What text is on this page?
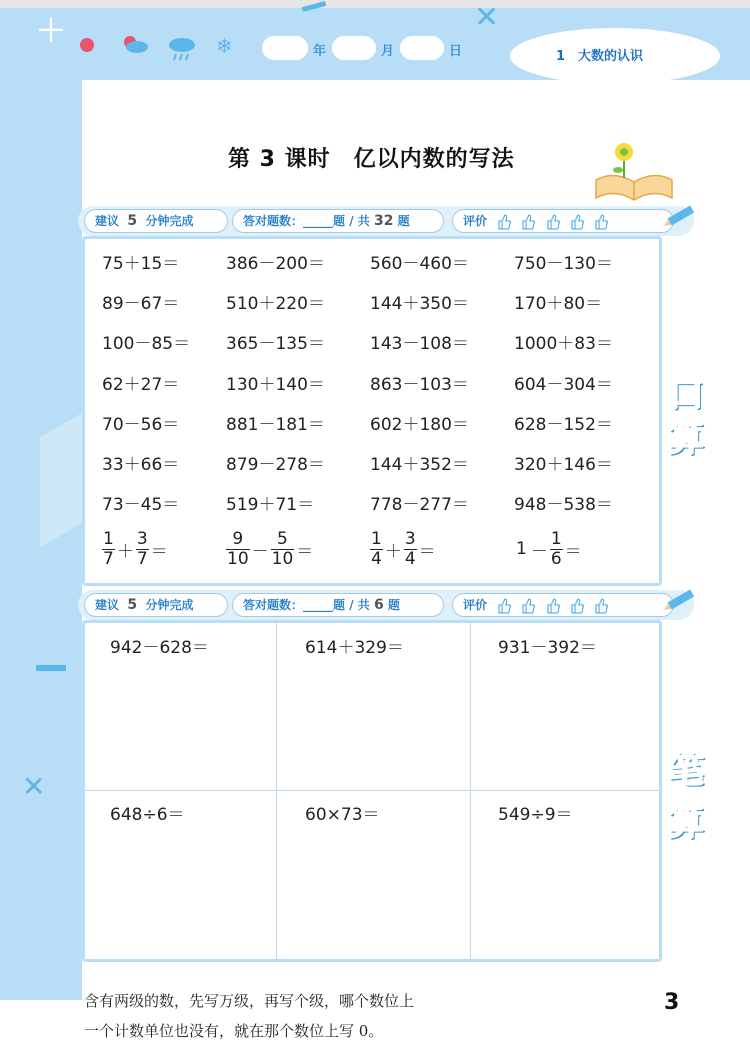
＋	✕
✕
❄	年	月	日	1　大数的认识
第 3 课时　亿以内数的写法
建议 5 分钟完成	答对题数：_____题 / 共 32 题	评价
75＋15＝	386－200＝	560－460＝	750－130＝
89－67＝	510＋220＝	144＋350＝	170＋80＝
100－85＝ 365－135＝	143－108＝	1000＋83＝
62＋27＝	130＋140＝	863－103＝	604－304＝
70－56＝	881－181＝	602＋180＝	628－152＝
33＋66＝	879－278＝	144＋352＝	320＋146＝
73－45＝	519＋71＝	778－277＝	948－538＝
$\frac{1}{7} + \frac{3}{7}$ ＝	$\frac{9}{10} - \frac{5}{10}$ ＝	$\frac{1}{4} + \frac{3}{4}$ ＝	$1 - \frac{1}{6}$ ＝
口
算
建议 5 分钟完成	答对题数：_____题 / 共 6 题	评价
942－628＝	614＋329＝	931－392＝
648÷6＝	60×73＝	549÷9＝
笔
算
含有两级的数，先写万级，再写个级，哪个数位上
一个计数单位也没有，就在那个数位上写 0。
3
